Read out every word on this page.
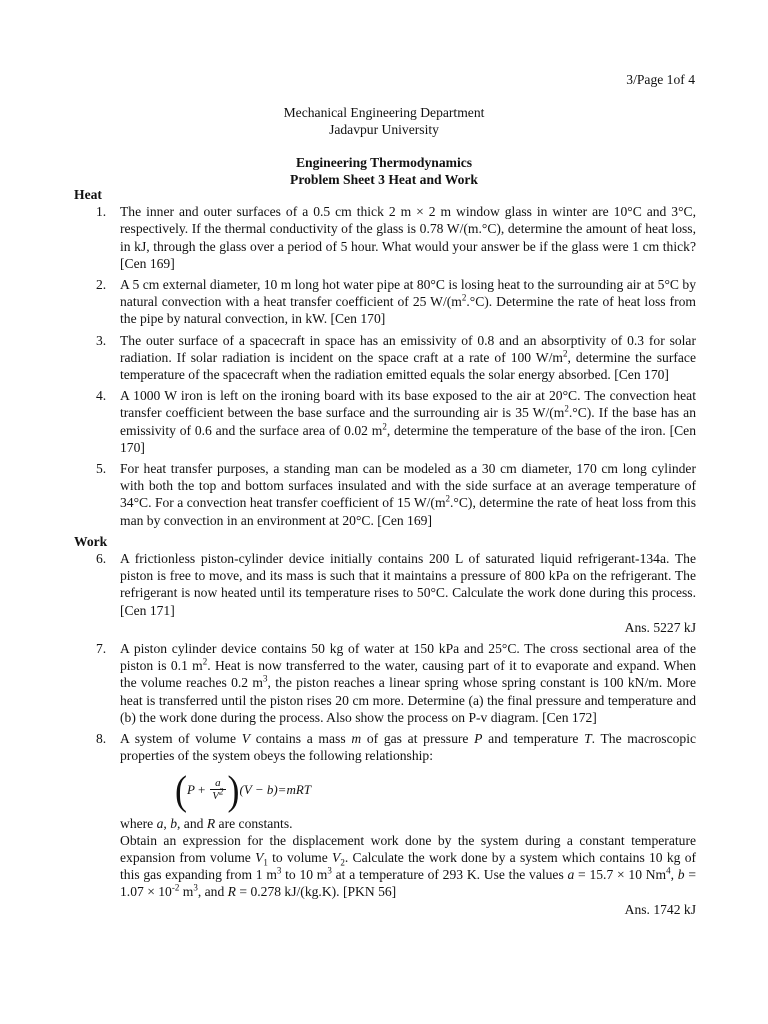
3/Page 1of 4
Mechanical Engineering Department
Jadavpur University
Engineering Thermodynamics
Problem Sheet 3 Heat and Work
Heat
1. The inner and outer surfaces of a 0.5 cm thick 2 m × 2 m window glass in winter are 10°C and 3°C, respectively. If the thermal conductivity of the glass is 0.78 W/(m.°C), determine the amount of heat loss, in kJ, through the glass over a period of 5 hour. What would your answer be if the glass were 1 cm thick? [Cen 169]
2. A 5 cm external diameter, 10 m long hot water pipe at 80°C is losing heat to the surrounding air at 5°C by natural convection with a heat transfer coefficient of 25 $W/(m^2.^\circ C)$. Determine the rate of heat loss from the pipe by natural convection, in kW. [Cen 170]
3. The outer surface of a spacecraft in space has an emissivity of 0.8 and an absorptivity of 0.3 for solar radiation. If solar radiation is incident on the space craft at a rate of 100 $W/m^2$, determine the surface temperature of the spacecraft when the radiation emitted equals the solar energy absorbed. [Cen 170]
4. A 1000 W iron is left on the ironing board with its base exposed to the air at 20°C. The convection heat transfer coefficient between the base surface and the surrounding air is 35 $W/(m^2.^\circ C)$. If the base has an emissivity of 0.6 and the surface area of 0.02 $m^2$, determine the temperature of the base of the iron. [Cen 170]
5. For heat transfer purposes, a standing man can be modeled as a 30 cm diameter, 170 cm long cylinder with both the top and bottom surfaces insulated and with the side surface at an average temperature of 34°C. For a convection heat transfer coefficient of 15 $W/(m^2.^\circ C)$, determine the rate of heat loss from this man by convection in an environment at 20°C. [Cen 169]
Work
6. A frictionless piston-cylinder device initially contains 200 L of saturated liquid refrigerant-134a. The piston is free to move, and its mass is such that it maintains a pressure of 800 kPa on the refrigerant. The refrigerant is now heated until its temperature rises to 50°C. Calculate the work done during this process. [Cen 171]
Ans. 5227 kJ
7. A piston cylinder device contains 50 kg of water at 150 kPa and 25°C. The cross sectional area of the piston is 0.1 $m^2$. Heat is now transferred to the water, causing part of it to evaporate and expand. When the volume reaches 0.2 $m^3$, the piston reaches a linear spring whose spring constant is 100 kN/m. More heat is transferred until the piston rises 20 cm more. Determine (a) the final pressure and temperature and (b) the work done during the process. Also show the process on P-v diagram. [Cen 172]
8. A system of volume V contains a mass m of gas at pressure P and temperature T. The macroscopic properties of the system obeys the following relationship:
( $P + \frac{a}{V^2}$ ) (V − b)=mRT
where a, b, and R are constants.
Obtain an expression for the displacement work done by the system during a constant temperature expansion from volume $V_1$ to volume $V_2$. Calculate the work done by a system which contains 10 kg of this gas expanding from 1 $m^3$ to 10 $m^3$ at a temperature of 293 K. Use the values a = 15.7 × 10 Nm$^4$, $b = 1.07 \times 10^{-2}$ $m^3$, and R = 0.278 kJ/(kg.K). [PKN 56]
Ans. 1742 kJ
